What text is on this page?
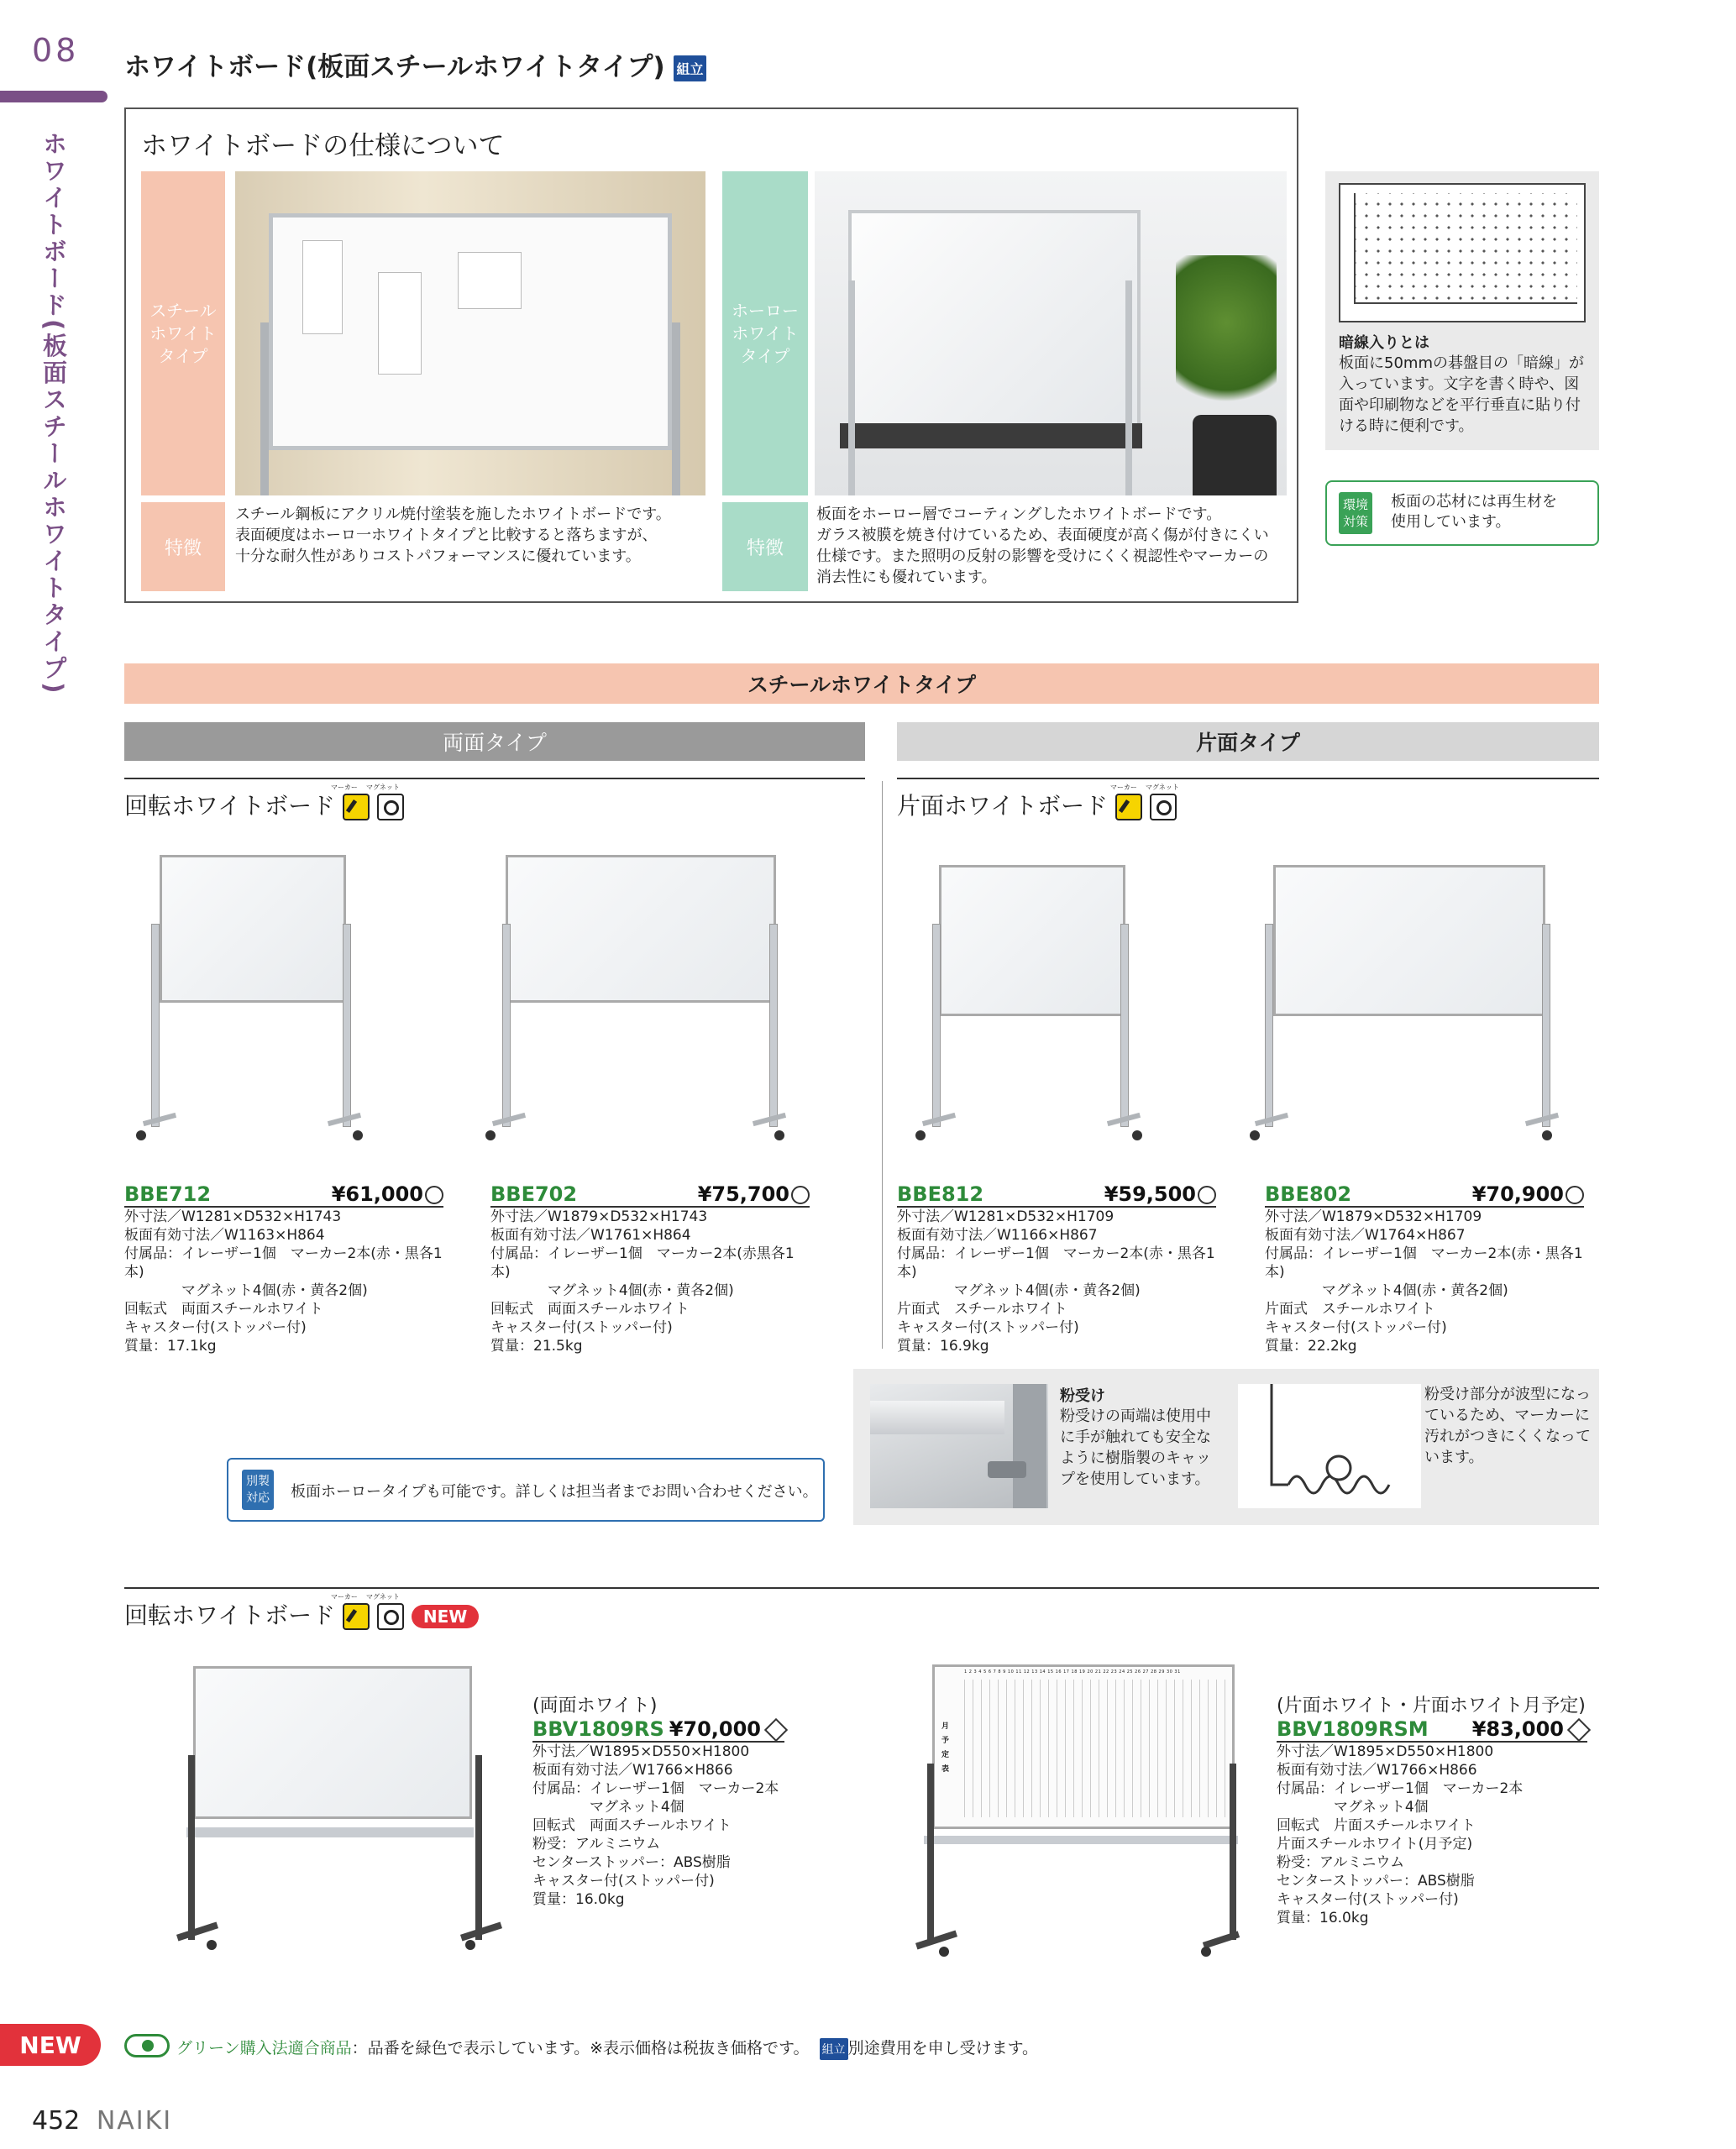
08 ホワイトボード(板面スチールホワイトタイプ) 組立
ホワイトボード(板面スチールホワイトタイプ)	ホワイトボードの仕様について
スチール
ホワイト
タイプ
特徴
スチール鋼板にアクリル焼付塗装を施したホワイトボードです。
表面硬度はホーロ一ホワイトタイプと比較すると落ちますが、
十分な耐久性がありコストパフォーマンスに優れています。
ホーロー
ホワイト
タイプ
特徴
板面をホーロー層でコーティングしたホワイトボードです。
ガラス被膜を焼き付けているため、表面硬度が高く傷が付きにくい
仕様です。また照明の反射の影響を受けにくく視認性やマーカーの
消去性にも優れています。
暗線入りとは
板面に50mmの碁盤目の「暗線」が入っています。文字を書く時や、図面や印刷物などを平行垂直に貼り付ける時に便利です。
環境
対策
板面の芯材には再生材を
使用しています。
スチールホワイトタイプ
両面タイプ	片面タイプ
回転ホワイトボード
マーカー マグネット
片面ホワイトボード
マーカー マグネット
BBE712	¥61,000
外寸法／W1281×D532×H1743
板面有効寸法／W1163×H864
付属品：イレーザー1個　マーカー2本(赤・黒各1本)
　　　　マグネット4個(赤・黄各2個)
回転式　両面スチールホワイト
キャスター付(ストッパー付)
質量：17.1kg
BBE702	¥75,700
外寸法／W1879×D532×H1743
板面有効寸法／W1761×H864
付属品：イレーザー1個　マーカー2本(赤黒各1本)
　　　　マグネット4個(赤・黄各2個)
回転式　両面スチールホワイト
キャスター付(ストッパー付)
質量：21.5kg
BBE812	¥59,500
外寸法／W1281×D532×H1709
板面有効寸法／W1166×H867
付属品：イレーザー1個　マーカー2本(赤・黒各1本)
　　　　マグネット4個(赤・黄各2個)
片面式　スチールホワイト
キャスター付(ストッパー付)
質量：16.9kg
BBE802	¥70,900
外寸法／W1879×D532×H1709
板面有効寸法／W1764×H867
付属品：イレーザー1個　マーカー2本(赤・黒各1本)
　　　　マグネット4個(赤・黄各2個)
片面式　スチールホワイト
キャスター付(ストッパー付)
質量：22.2kg
別製
対応 板面ホーロータイプも可能です。詳しくは担当者までお問い合わせください。
粉受け
粉受けの両端は使用中に手が触れても安全なように樹脂製のキャップを使用しています。
粉受け部分が波型になっているため、マーカーに汚れがつきにくくなっています。
回転ホワイトボード	NEW
マーカー マグネット
(両面ホワイト)
BBV1809RS ¥70,000
外寸法／W1895×D550×H1800
板面有効寸法／W1766×H866
付属品：イレーザー1個　マーカー2本
　　　　マグネット4個
回転式　両面スチールホワイト
粉受：アルミニウム
センターストッパー：ABS樹脂
キャスター付(ストッパー付)
質量：16.0kg
1 2 3 4 5 6 7 8 9 10 11 12 13 14 15 16 17 18 19 20 21 22 23 24 25 26 27 28 29 30 31
月予定表
(片面ホワイト・片面ホワイト月予定)
BBV1809RSM ¥83,000
外寸法／W1895×D550×H1800
板面有効寸法／W1766×H866
付属品：イレーザー1個　マーカー2本
　　　　マグネット4個
回転式　片面スチールホワイト
片面スチールホワイト(月予定)
粉受：アルミニウム
センターストッパー：ABS樹脂
キャスター付(ストッパー付)
質量：16.0kg
NEW	グリーン購入法適合商品：品番を緑色で表示しています。※表示価格は税抜き価格です。 組立 別途費用を申し受けます。
452 NAIKI
